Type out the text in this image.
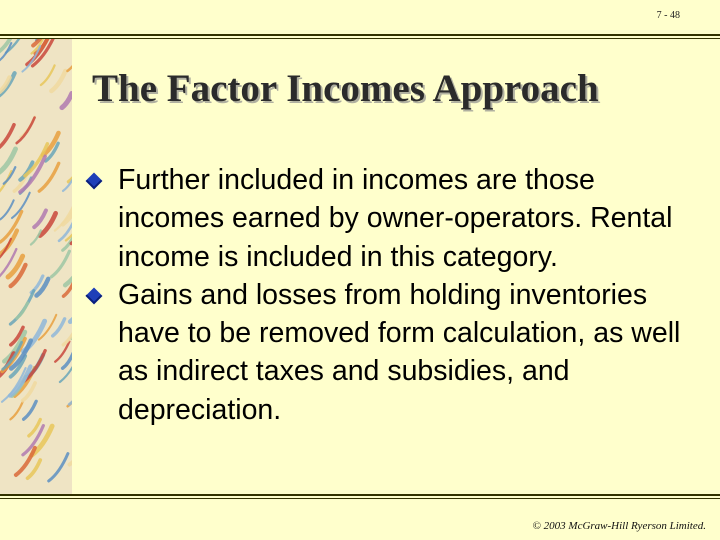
7 - 48
The Factor Incomes Approach
Further included in incomes are those incomes earned by owner-operators. Rental income is included in this category.
Gains and losses from holding inventories have to be removed form calculation, as well as indirect taxes and subsidies, and depreciation.
© 2003 McGraw-Hill Ryerson Limited.
